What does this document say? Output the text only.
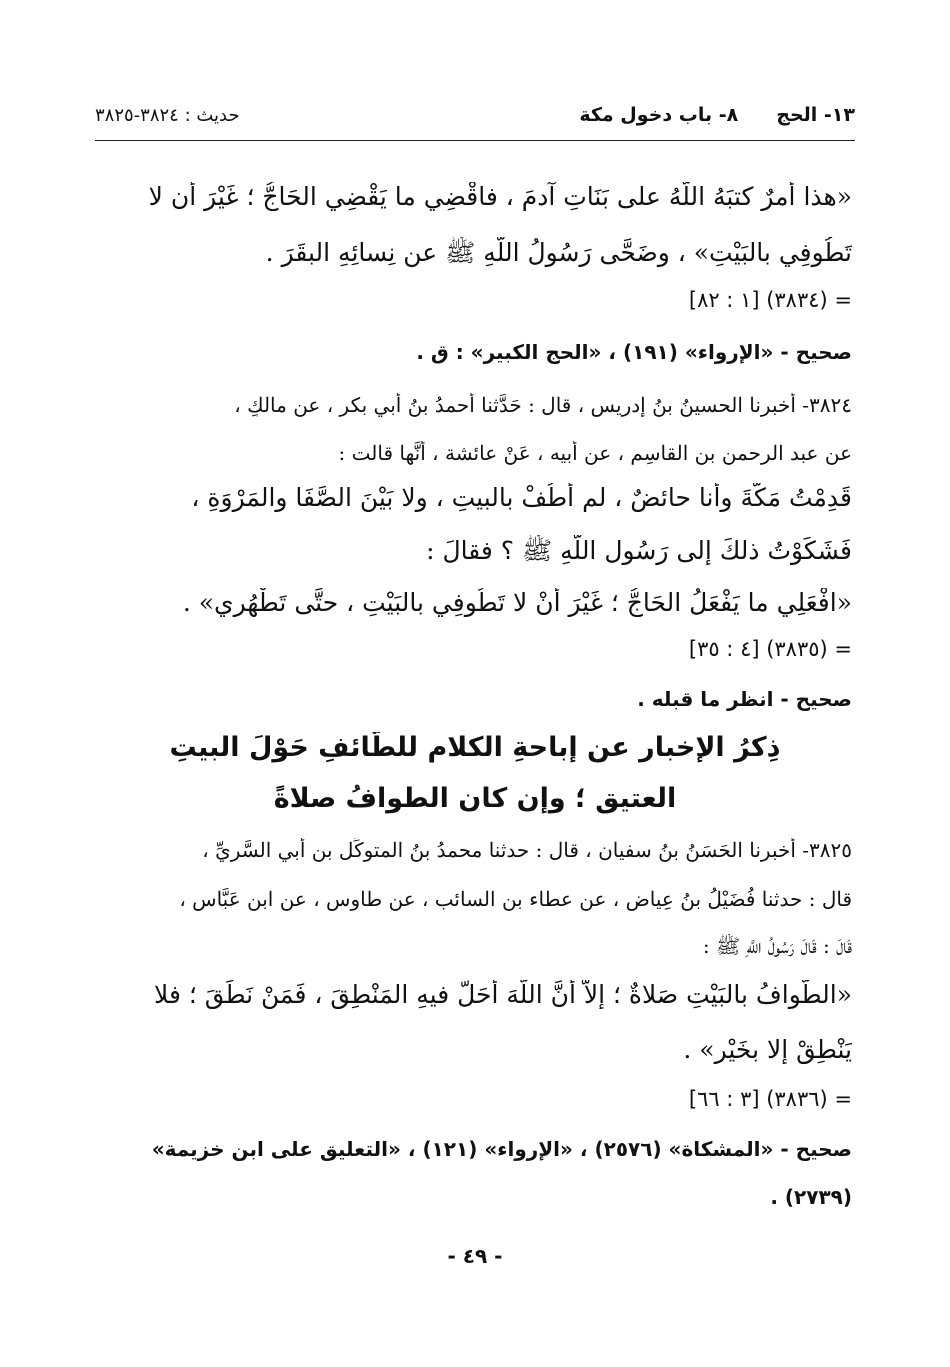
١٣- الحج
٨- باب دخول مكة
حديث : ٣٨٢٤-٣٨٢٥
«هذا أمرٌ كتبَهُ اللَّهُ على بَنَاتِ آدمَ ، فاقْضِي ما يَقْضِي الحَاجُّ ؛ غَيْرَ أن لا
تَطُوفِي بالبَيْتِ» ، وضَحَّى رَسُولُ اللَّهِ ﷺ عن نِسائِهِ البقَرَ .
= (٣٨٣٤) [١ : ٨٢]
صحيح - «الإرواء» (١٩١) ، «الحج الكبير» : ق .
٣٨٢٤- أخبرنا الحسينُ بنُ إدريس ، قال : حَدَّثنا أحمدُ بنُ أبي بكرٍ ، عن مالكٍ ،
عن عبد الرحمن بن القاسِم ، عن أبيه ، عَنْ عائشة ، أنَّها قالت :
قَدِمْتُ مَكَّةَ وأنا حائضٌ ، لم أَطُفْ بالبيتِ ، ولا بَيْنَ الصَّفَا والمَرْوَةِ ،
فَشَكَوْتُ ذلكَ إلى رَسُول اللَّهِ ﷺ ؟ فقالَ :
«افْعَلِي ما يَفْعَلُ الحَاجُّ ؛ غَيْرَ أنْ لا تَطُوفِي بالبَيْتِ ، حتَّى تَطْهُرِي» .
= (٣٨٣٥) [٤ : ٣٥]
صحيح - انظر ما قبله .
ذِكرُ الإِخبارِ عن إباحةِ الكلامِ للطَّائفِ حَوْلَ البيتِ
العتيقِ ؛ وإن كان الطوافُ صلاةً
٣٨٢٥- أخبرنا الحَسَنُ بنُ سفيان ، قال : حدثنا محمدُ بنُ المتوكِّل بن أبي السَّرِيِّ ،
قال : حدثنا فُضَيْلُ بنُ عِياض ، عن عطاء بن السائب ، عن طاوس ، عن ابن عَبَّاس ،
قَالَ : قَالَ رَسُولُ اللَّهِ ﷺ :
«الطَّوافُ بالبَيْتِ صَلاةٌ ؛ إلاَّ أنَّ اللَّهَ أَحَلَّ فيهِ المَنْطِقَ ، فَمَنْ نَطَقَ ؛ فلا
يَنْطِقْ إلا بخَيْرٍ» .
= (٣٨٣٦) [٣ : ٦٦]
صحيح - «المشكاة» (٢٥٧٦) ، «الإرواء» (١٢١) ، «التعليق على ابن خزيمة»
(٢٧٣٩) .
- ٤٩ -
